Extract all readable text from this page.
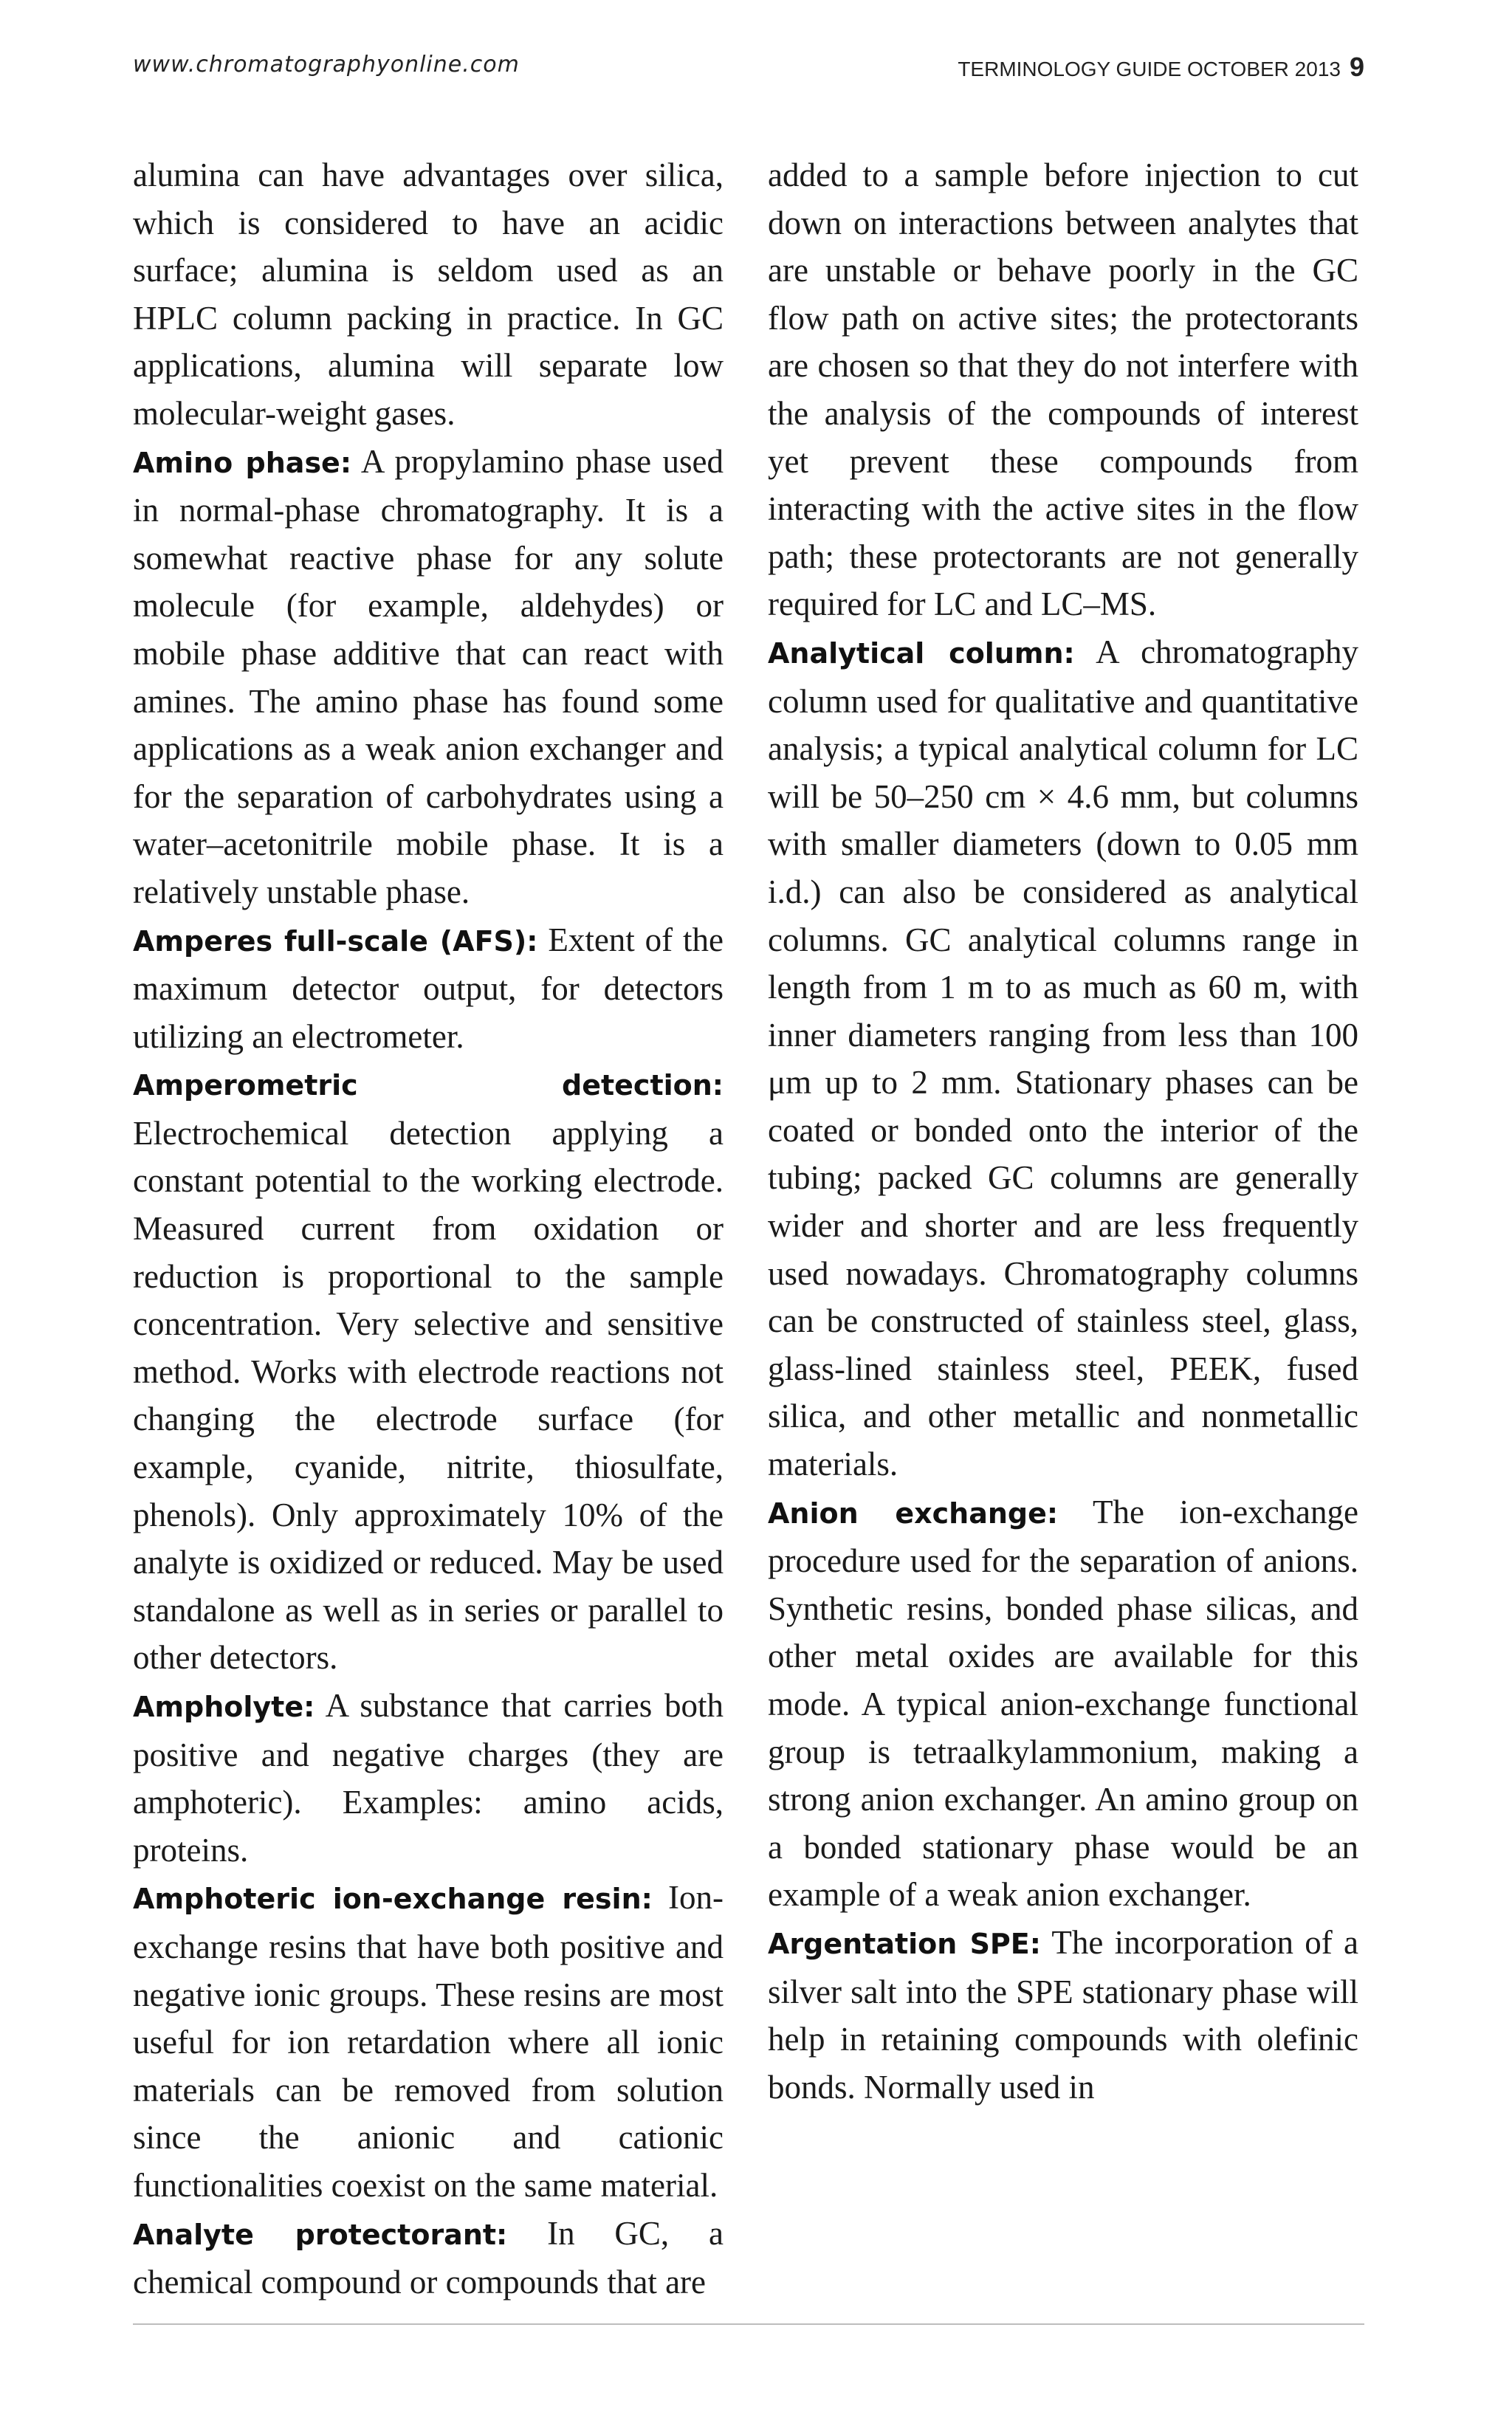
www.chromatographyonline.com	TERMINOLOGY GUIDE OCTOBER 2013 9

alumina can have advantages over silica, which is considered to have an acidic surface; alumina is seldom used as an HPLC column packing in practice. In GC applications, alumina will separate low molecular-weight gases.

Amino phase: A propylamino phase used in normal-phase chromatography. It is a somewhat reactive phase for any solute molecule (for example, aldehydes) or mobile phase additive that can react with amines. The amino phase has found some applications as a weak anion exchanger and for the separation of carbohydrates using a water–acetonitrile mobile phase. It is a relatively unstable phase.

Amperes full-scale (AFS): Extent of the maximum detector output, for detectors utilizing an electrometer.

Amperometric detection: Electrochemical detection applying a constant potential to the working electrode. Measured current from oxidation or reduction is proportional to the sample concentration. Very selective and sensitive method. Works with electrode reactions not changing the electrode surface (for example, cyanide, nitrite, thiosulfate, phenols). Only approximately 10% of the analyte is oxidized or reduced. May be used standalone as well as in series or parallel to other detectors.

Ampholyte: A substance that carries both positive and negative charges (they are amphoteric). Examples: amino acids, proteins.

Amphoteric ion-exchange resin: Ion-exchange resins that have both positive and negative ionic groups. These resins are most useful for ion retardation where all ionic materials can be removed from solution since the anionic and cationic functionalities coexist on the same material.

Analyte protectorant: In GC, a chemical compound or compounds that are

added to a sample before injection to cut down on interactions between analytes that are unstable or behave poorly in the GC flow path on active sites; the protectorants are chosen so that they do not interfere with the analysis of the compounds of interest yet prevent these compounds from interacting with the active sites in the flow path; these protectorants are not generally required for LC and LC–MS.

Analytical column: A chromatography column used for qualitative and quantitative analysis; a typical analytical column for LC will be 50–250 cm × 4.6 mm, but columns with smaller diameters (down to 0.05 mm i.d.) can also be considered as analytical columns. GC analytical columns range in length from 1 m to as much as 60 m, with inner diameters ranging from less than 100 μm up to 2 mm. Stationary phases can be coated or bonded onto the interior of the tubing; packed GC columns are generally wider and shorter and are less frequently used nowadays. Chromatography columns can be constructed of stainless steel, glass, glass-lined stainless steel, PEEK, fused silica, and other metallic and nonmetallic materials.

Anion exchange: The ion-exchange procedure used for the separation of anions. Synthetic resins, bonded phase silicas, and other metal oxides are available for this mode. A typical anion-exchange functional group is tetraalkylammonium, making a strong anion exchanger. An amino group on a bonded stationary phase would be an example of a weak anion exchanger.

Argentation SPE: The incorporation of a silver salt into the SPE stationary phase will help in retaining compounds with olefinic bonds. Normally used in
